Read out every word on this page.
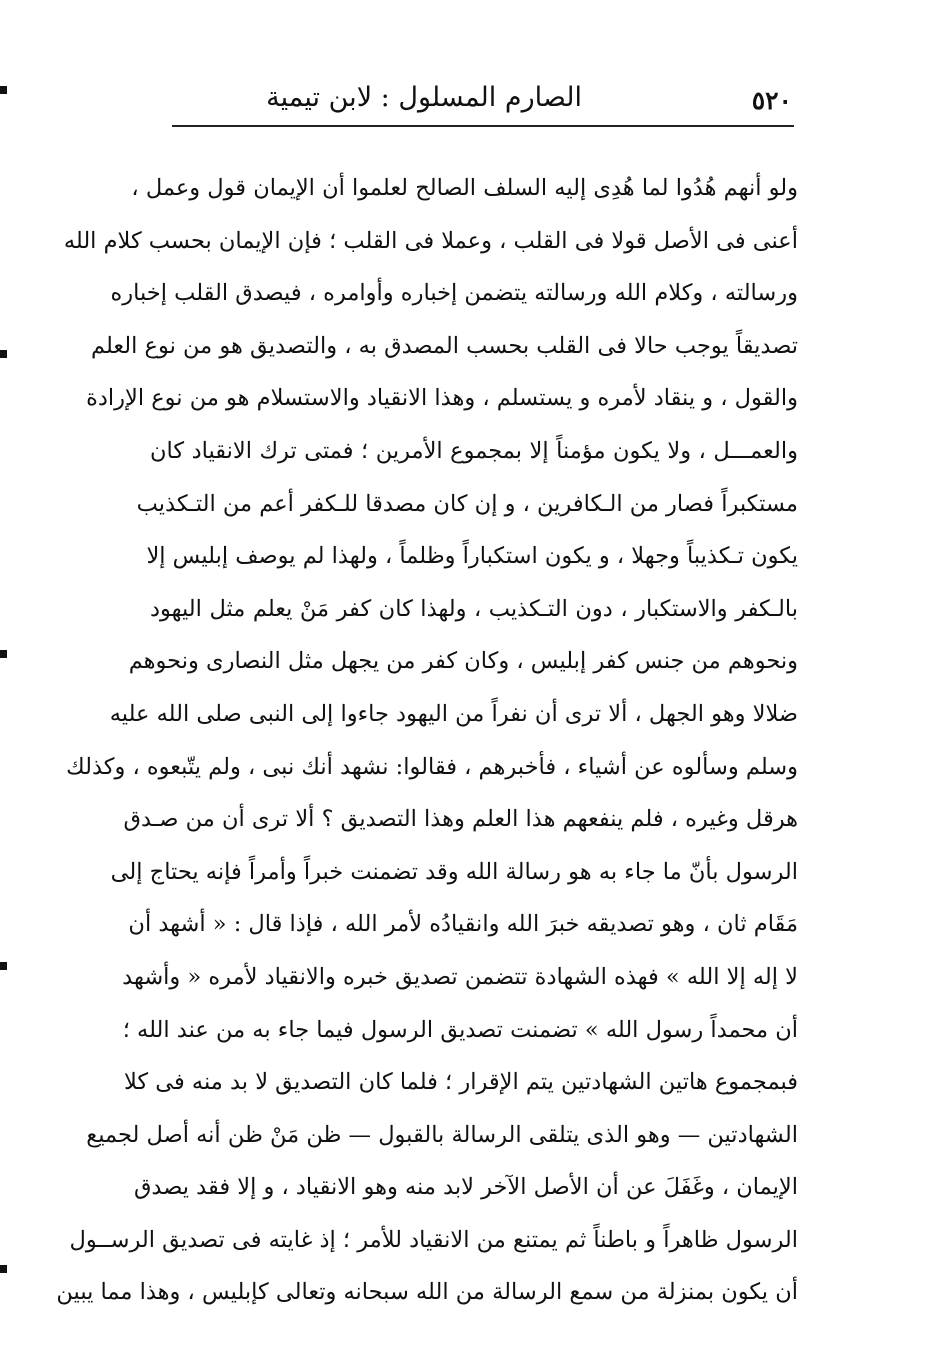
٥٢٠
الصارم المسلول : لابن تيمية
ولو أنهم هُدُوا لما هُدِى إليه السلف الصالح لعلموا أن الإيمان قول وعمل ،
أعنى فى الأصل قولا فى القلب ، وعملا فى القلب ؛ فإن الإيمان بحسب كلام الله
ورسالته ، وكلام الله ورسالته يتضمن إخباره وأوامره ، فيصدق القلب إخباره
تصديقاً يوجب حالا فى القلب بحسب المصدق به ، والتصديق هو من نوع العلم
والقول ، و ينقاد لأمره و يستسلم ، وهذا الانقياد والاستسلام هو من نوع الإرادة
والعمـــل ، ولا يكون مؤمناً إلا بمجموع الأمرين ؛ فمتى ترك الانقياد كان
مستكبراً فصار من الـكافرين ، و إن كان مصدقا للـكفر أعم من التـكذيب
يكون تـكذيباً وجهلا ، و يكون استكباراً وظلماً ، ولهذا لم يوصف إبليس إلا
بالـكفر والاستكبار ، دون التـكذيب ، ولهذا كان كفر مَنْ يعلم مثل اليهود
ونحوهم من جنس كفر إبليس ، وكان كفر من يجهل مثل النصارى ونحوهم
ضلالا وهو الجهل ، ألا ترى أن نفراً من اليهود جاءوا إلى النبى صلى الله عليه
وسلم وسألوه عن أشياء ، فأخبرهم ، فقالوا: نشهد أنك نبى ، ولم يتّبعوه ، وكذلك
هرقل وغيره ، فلم ينفعهم هذا العلم وهذا التصديق ؟ ألا ترى أن من صـدق
الرسول بأنّ ما جاء به هو رسالة الله وقد تضمنت خبراً وأمراً فإنه يحتاج إلى
مَقَام ثان ، وهو تصديقه خبرَ الله وانقيادُه لأمر الله ، فإذا قال : « أشهد أن
لا إله إلا الله » فهذه الشهادة تتضمن تصديق خبره والانقياد لأمره « وأشهد
أن محمداً رسول الله » تضمنت تصديق الرسول فيما جاء به من عند الله ؛
فبمجموع هاتين الشهادتين يتم الإقرار ؛ فلما كان التصديق لا بد منه فى كلا
الشهادتين — وهو الذى يتلقى الرسالة بالقبول — ظن مَنْ ظن أنه أصل لجميع
الإيمان ، وغَفَلَ عن أن الأصل الآخر لابد منه وهو الانقياد ، و إلا فقد يصدق
الرسول ظاهراً و باطناً ثم يمتنع من الانقياد للأمر ؛ إذ غايته فى تصديق الرســول
أن يكون بمنزلة من سمع الرسالة من الله سبحانه وتعالى كإبليس ، وهذا مما يبين
